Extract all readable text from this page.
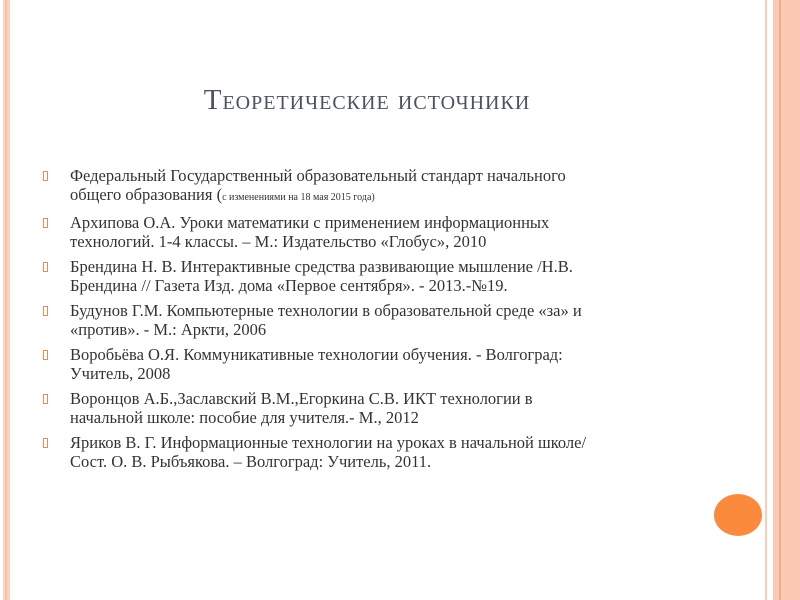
Теоретические источники
Федеральный Государственный образовательный стандарт начального
общего образования (с изменениями на 18 мая 2015 года)
Архипова О.А. Уроки математики с применением информационных
технологий. 1-4 классы. – М.: Издательство «Глобус», 2010
Брендина Н. В. Интерактивные средства развивающие мышление /Н.В.
Брендина // Газета Изд. дома «Первое сентября». - 2013.-№19.
Будунов Г.М. Компьютерные технологии в образовательной среде «за» и
«против». - М.: Аркти, 2006
Воробьёва О.Я. Коммуникативные технологии обучения. - Волгоград:
Учитель, 2008
Воронцов А.Б.,Заславский В.М.,Егоркина С.В. ИКТ технологии в
начальной школе: пособие для учителя.- М., 2012
Яриков В. Г. Информационные технологии на уроках в начальной школе/
Сост. О. В. Рыбъякова. – Волгоград: Учитель, 2011.
